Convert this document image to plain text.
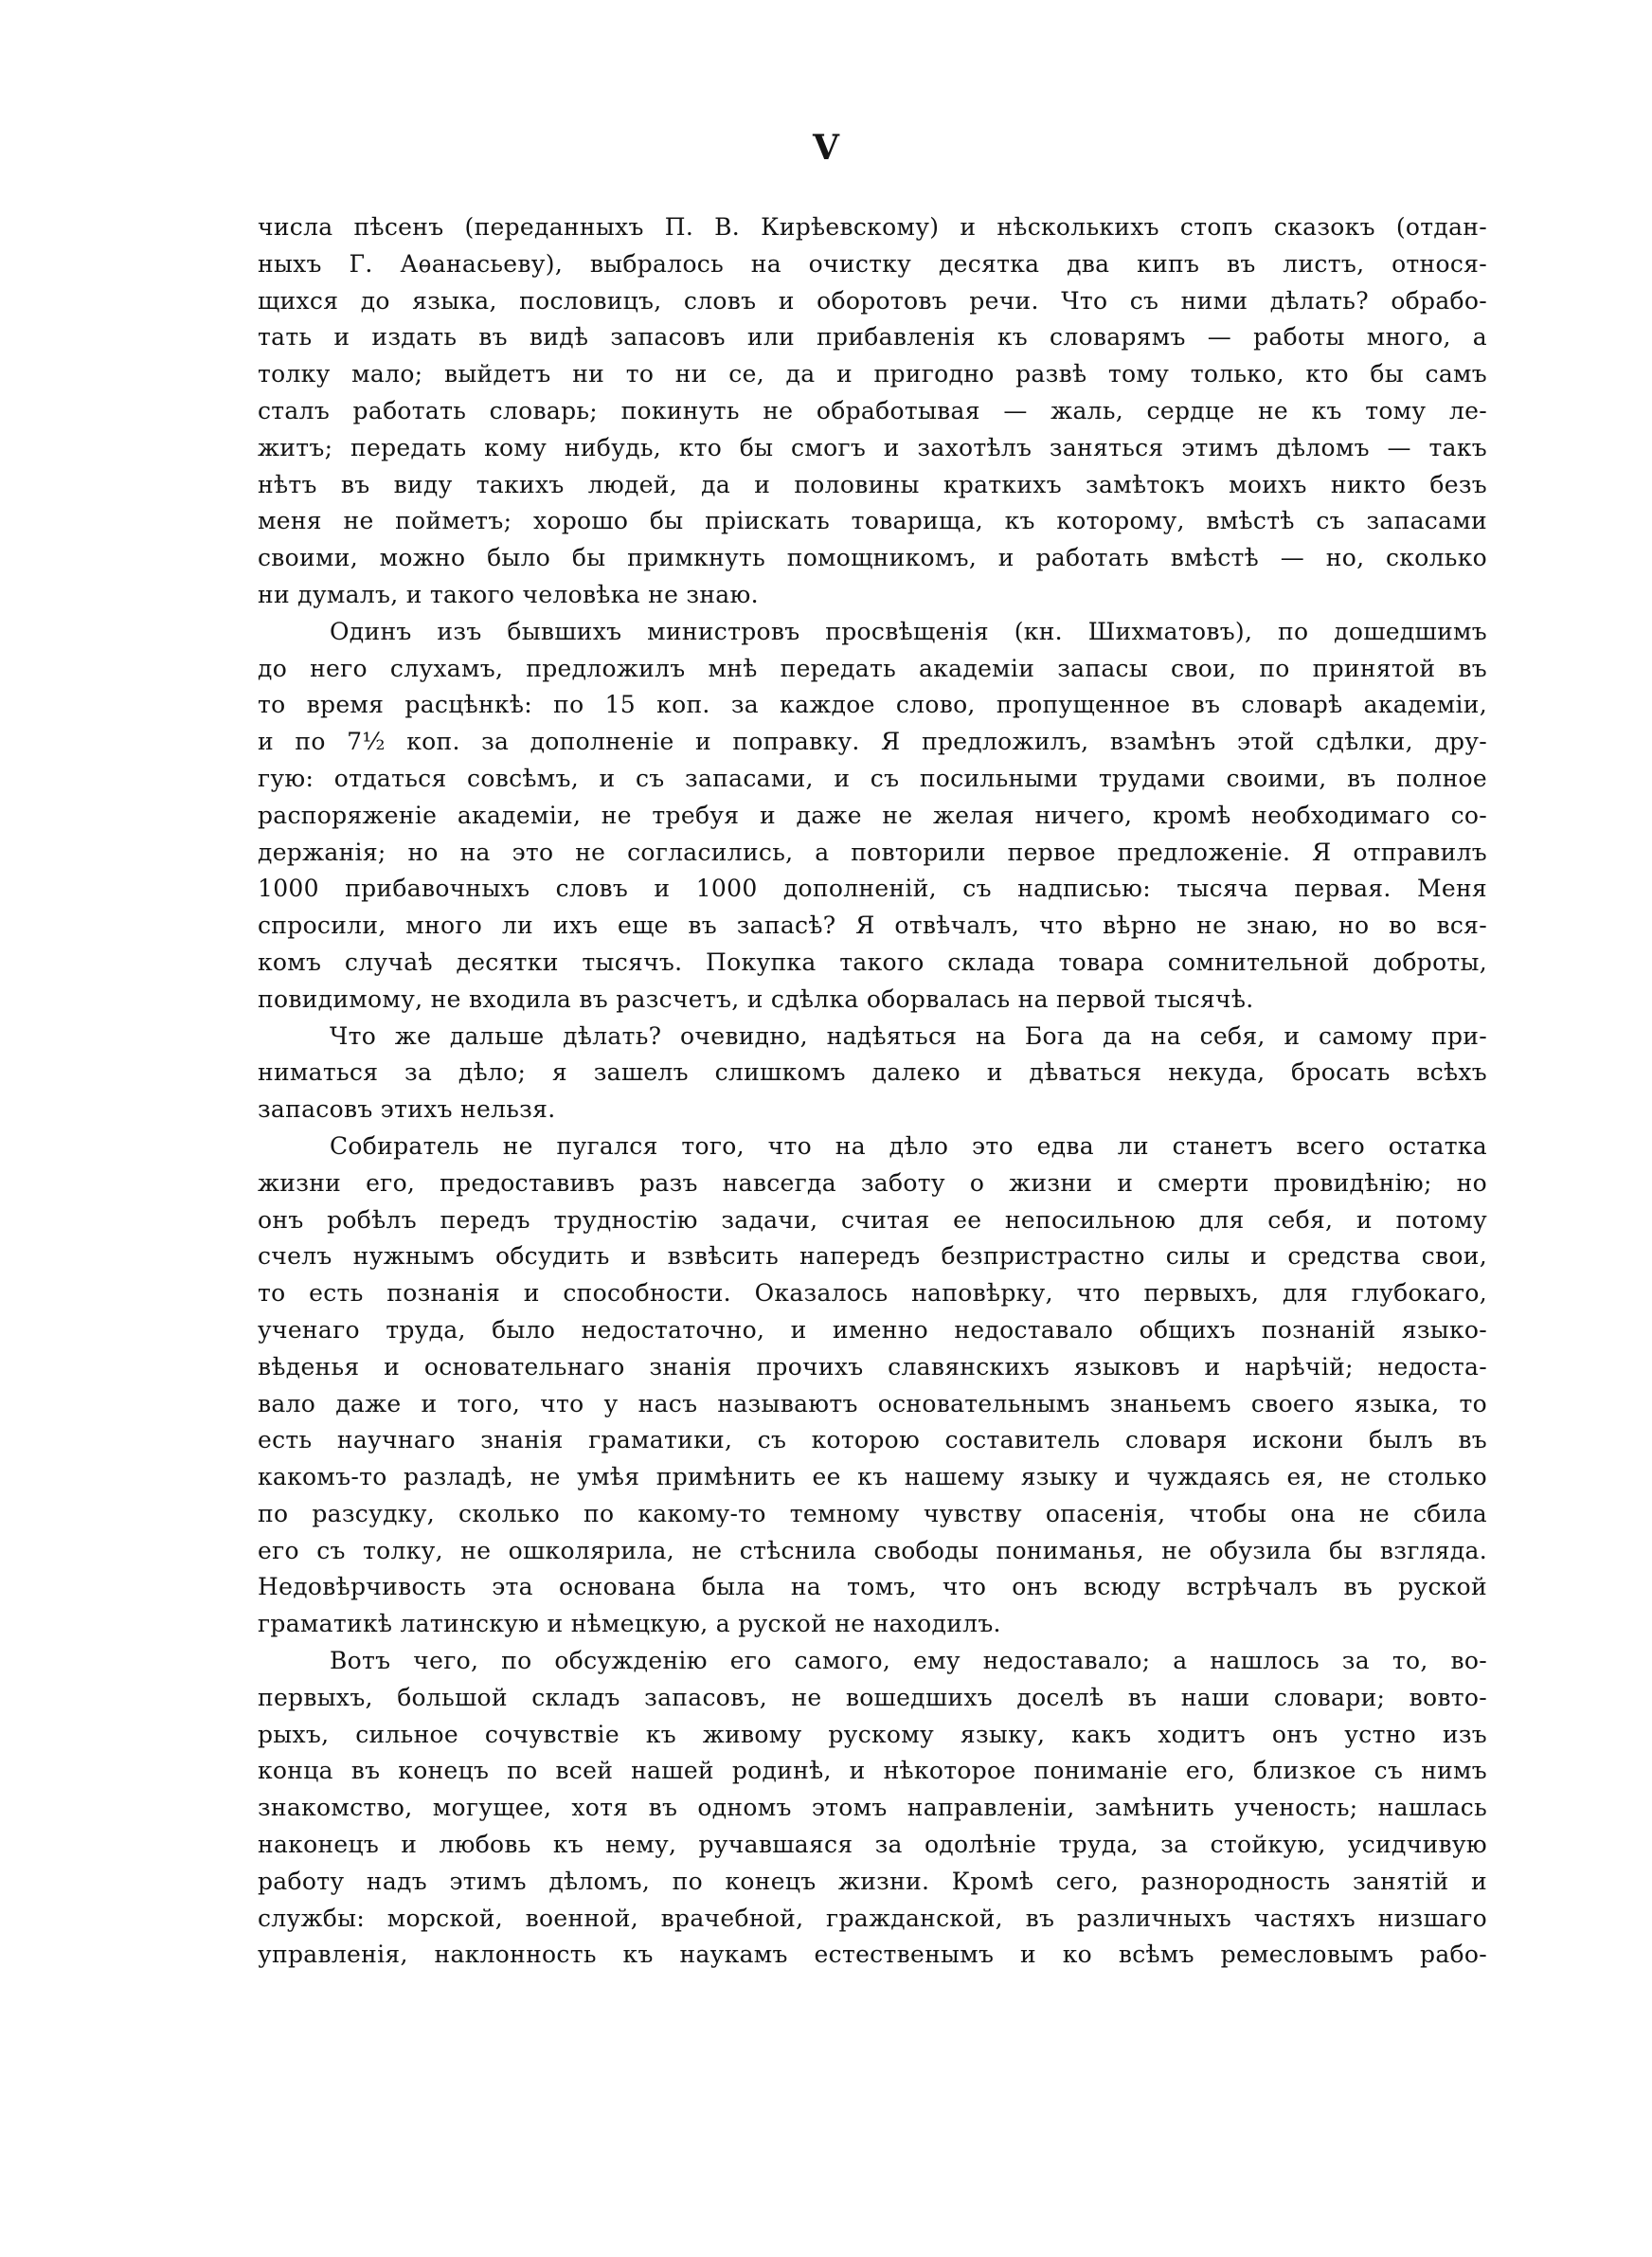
V
числа пѣсенъ (переданныхъ П. В. Кирѣевскому) и нѣсколькихъ стопъ сказокъ (отдан-
ныхъ Г. Аѳанасьеву), выбралось на очистку десятка два кипъ въ листъ, относя-
щихся до языка, пословицъ, словъ и оборотовъ речи. Что съ ними дѣлать? обрабо-
тать и издать въ видѣ запасовъ или прибавленія къ словарямъ — работы много, а
толку мало; выйдетъ ни то ни се, да и пригодно развѣ тому только, кто бы самъ
сталъ работать словарь; покинуть не обработывая — жаль, сердце не къ тому ле-
житъ; передать кому нибудь, кто бы смогъ и захотѣлъ заняться этимъ дѣломъ — такъ
нѣтъ въ виду такихъ людей, да и половины краткихъ замѣтокъ моихъ никто безъ
меня не пойметъ; хорошо бы пріискать товарища, къ которому, вмѣстѣ съ запасами
своими, можно было бы примкнуть помощникомъ, и работать вмѣстѣ — но, сколько
ни думалъ, и такого человѣка не знаю.
Одинъ изъ бывшихъ министровъ просвѣщенія (кн. Шихматовъ), по дошедшимъ
до него слухамъ, предложилъ мнѣ передать академіи запасы свои, по принятой въ
то время расцѣнкѣ: по 15 коп. за каждое слово, пропущенное въ словарѣ академіи,
и по 7½ коп. за дополненіе и поправку. Я предложилъ, взамѣнъ этой сдѣлки, дру-
гую: отдаться совсѣмъ, и съ запасами, и съ посильными трудами своими, въ полное
распоряженіе академіи, не требуя и даже не желая ничего, кромѣ необходимаго со-
держанія; но на это не согласились, а повторили первое предложеніе. Я отправилъ
1000 прибавочныхъ словъ и 1000 дополненій, съ надписью: тысяча первая. Меня
спросили, много ли ихъ еще въ запасѣ? Я отвѣчалъ, что вѣрно не знаю, но во вся-
комъ случаѣ десятки тысячъ. Покупка такого склада товара сомнительной доброты,
повидимому, не входила въ разсчетъ, и сдѣлка оборвалась на первой тысячѣ.
Что же дальше дѣлать? очевидно, надѣяться на Бога да на себя, и самому при-
ниматься за дѣло; я зашелъ слишкомъ далеко и дѣваться некуда, бросать всѣхъ
запасовъ этихъ нельзя.
Собиратель не пугался того, что на дѣло это едва ли станетъ всего остатка
жизни его, предоставивъ разъ навсегда заботу о жизни и смерти провидѣнію; но
онъ робѣлъ передъ трудностію задачи, считая ее непосильною для себя, и потому
счелъ нужнымъ обсудить и взвѣсить напередъ безпристрастно силы и средства свои,
то есть познанія и способности. Оказалось наповѣрку, что первыхъ, для глубокаго,
ученаго труда, было недостаточно, и именно недоставало общихъ познаній языко-
вѣденья и основательнаго знанія прочихъ славянскихъ языковъ и нарѣчій; недоста-
вало даже и того, что у насъ называютъ основательнымъ знаньемъ своего языка, то
есть научнаго знанія граматики, съ которою составитель словаря искони былъ въ
какомъ-то разладѣ, не умѣя примѣнить ее къ нашему языку и чуждаясь ея, не столько
по разсудку, сколько по какому-то темному чувству опасенія, чтобы она не сбила
его съ толку, не ошколярила, не стѣснила свободы пониманья, не обузила бы взгляда.
Недовѣрчивость эта основана была на томъ, что онъ всюду встрѣчалъ въ руской
граматикѣ латинскую и нѣмецкую, а руской не находилъ.
Вотъ чего, по обсужденію его самого, ему недоставало; а нашлось за то, во-
первыхъ, большой складъ запасовъ, не вошедшихъ доселѣ въ наши словари; вовто-
рыхъ, сильное сочувствіе къ живому рускому языку, какъ ходитъ онъ устно изъ
конца въ конецъ по всей нашей родинѣ, и нѣкоторое пониманіе его, близкое съ нимъ
знакомство, могущее, хотя въ одномъ этомъ направленіи, замѣнить ученость; нашлась
наконецъ и любовь къ нему, ручавшаяся за одолѣніе труда, за стойкую, усидчивую
работу надъ этимъ дѣломъ, по конецъ жизни. Кромѣ сего, разнородность занятій и
службы: морской, военной, врачебной, гражданской, въ различныхъ частяхъ низшаго
управленія, наклонность къ наукамъ естественымъ и ко всѣмъ ремесловымъ рабо-
